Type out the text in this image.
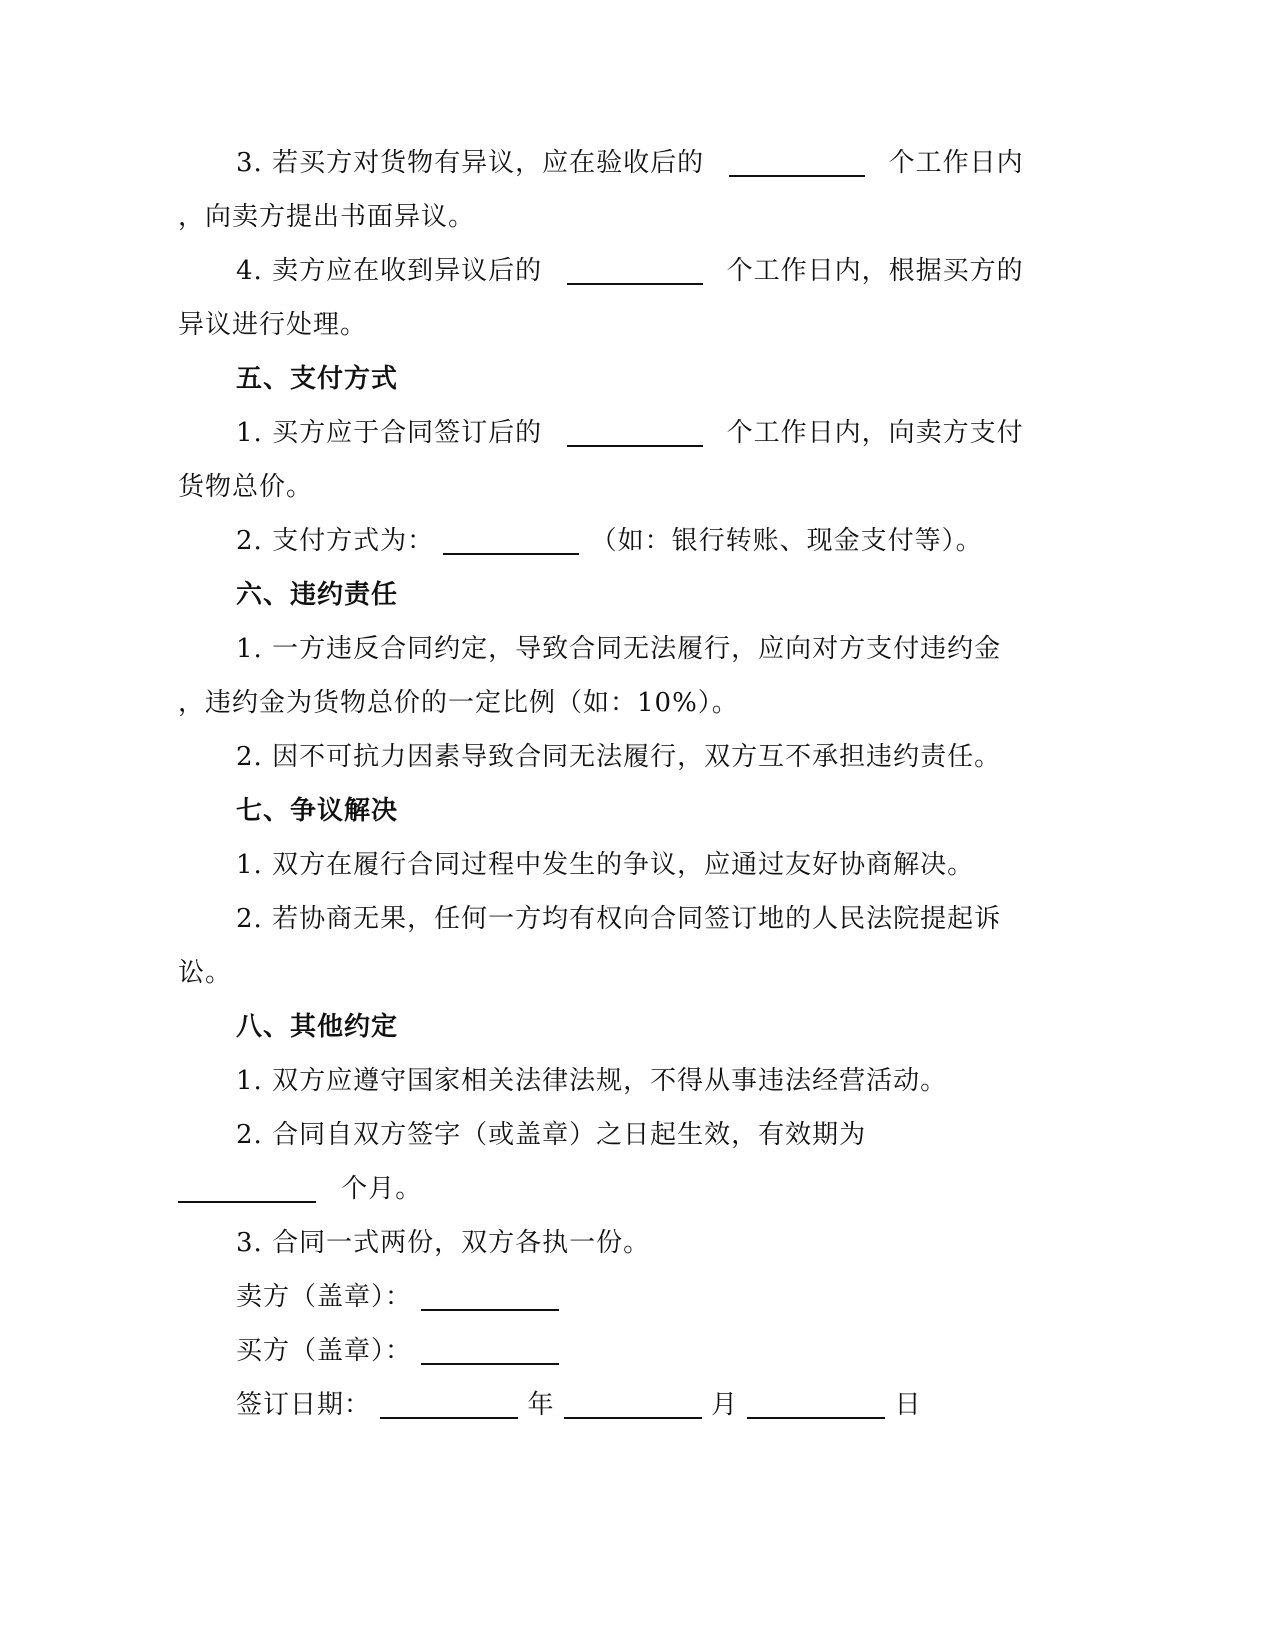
3. 若买方对货物有异议，应在验收后的	个工作日内
，向卖方提出书面异议。
4. 卖方应在收到异议后的	个工作日内，根据买方的
异议进行处理。
五、支付方式
1. 买方应于合同签订后的	个工作日内，向卖方支付
货物总价。
2. 支付方式为：	（如：银行转账、现金支付等）。
六、违约责任
1. 一方违反合同约定，导致合同无法履行，应向对方支付违约金
，违约金为货物总价的一定比例（如：10%）。
2. 因不可抗力因素导致合同无法履行，双方互不承担违约责任。
七、争议解决
1. 双方在履行合同过程中发生的争议，应通过友好协商解决。
2. 若协商无果，任何一方均有权向合同签订地的人民法院提起诉
讼。
八、其他约定
1. 双方应遵守国家相关法律法规，不得从事违法经营活动。
2. 合同自双方签字（或盖章）之日起生效，有效期为
个月。
3. 合同一式两份，双方各执一份。
卖方（盖章）：
买方（盖章）：
签订日期：	年	月	日
